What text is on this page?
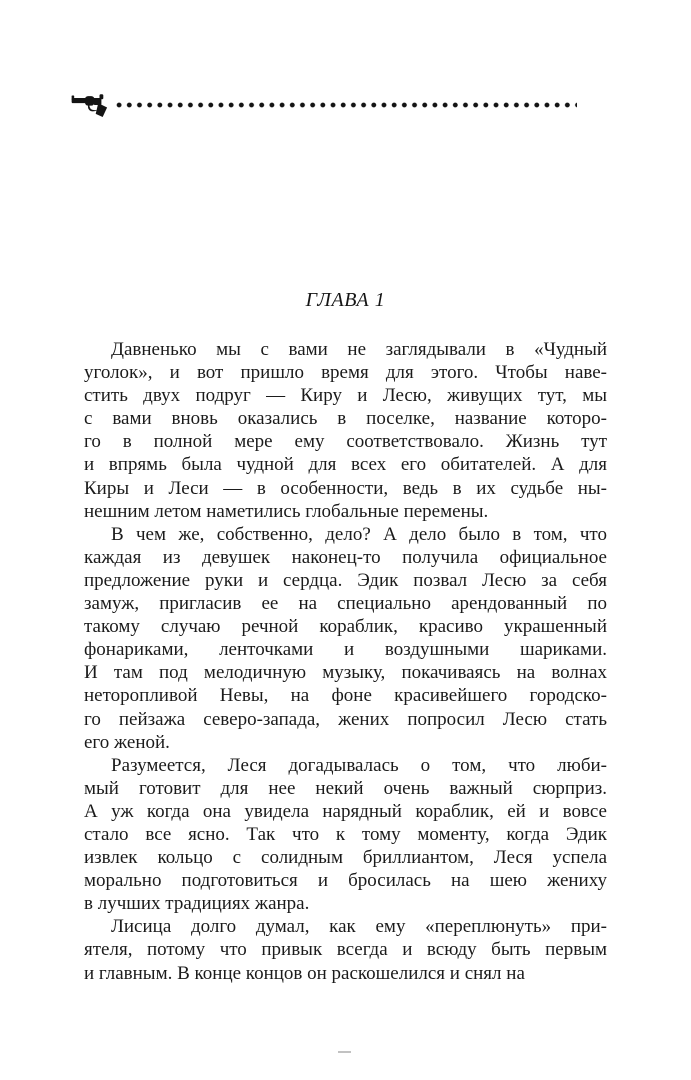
ГЛАВА 1
Давненько мы с вами не заглядывали в «Чудный
уголок», и вот пришло время для этого. Чтобы наве-
стить двух подруг — Киру и Лесю, живущих тут, мы
с вами вновь оказались в поселке, название которо-
го в полной мере ему соответствовало. Жизнь тут
и впрямь была чудной для всех его обитателей. А для
Киры и Леси — в особенности, ведь в их судьбе ны-
нешним летом наметились глобальные перемены.
В чем же, собственно, дело? А дело было в том, что
каждая из девушек наконец-то получила официальное
предложение руки и сердца. Эдик позвал Лесю за себя
замуж, пригласив ее на специально арендованный по
такому случаю речной кораблик, красиво украшенный
фонариками, ленточками и воздушными шариками.
И там под мелодичную музыку, покачиваясь на волнах
неторопливой Невы, на фоне красивейшего городско-
го пейзажа северо-запада, жених попросил Лесю стать
его женой.
Разумеется, Леся догадывалась о том, что люби-
мый готовит для нее некий очень важный сюрприз.
А уж когда она увидела нарядный кораблик, ей и вовсе
стало все ясно. Так что к тому моменту, когда Эдик
извлек кольцо с солидным бриллиантом, Леся успела
морально подготовиться и бросилась на шею жениху
в лучших традициях жанра.
Лисица долго думал, как ему «переплюнуть» при-
ятеля, потому что привык всегда и всюду быть первым
и главным. В конце концов он раскошелился и снял на
